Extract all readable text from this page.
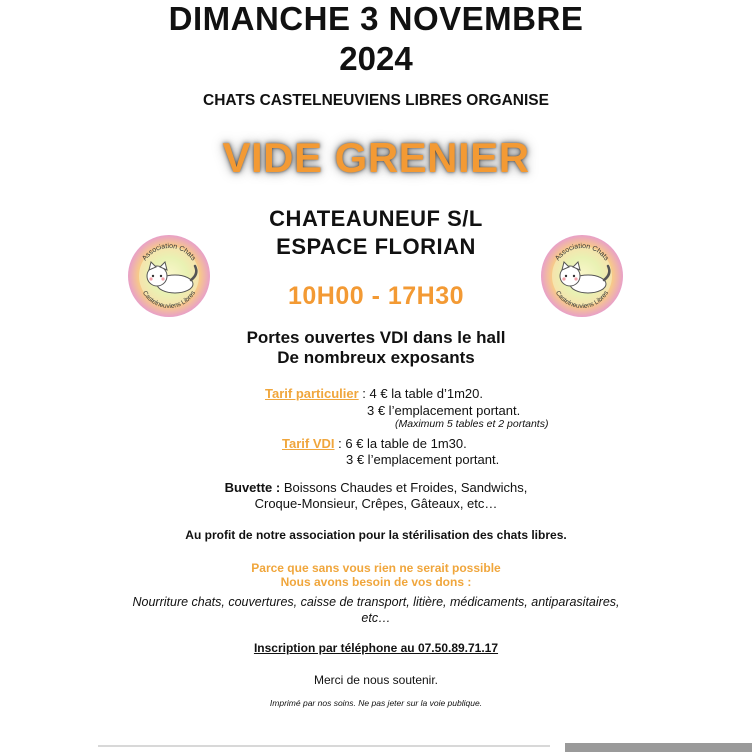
DIMANCHE 3 NOVEMBRE
2024
CHATS CASTELNEUVIENS LIBRES ORGANISE
VIDE GRENIER
CHATEAUNEUF S/L
ESPACE FLORIAN
Association Chats
Castelneuviens Libres
Association Chats
Castelneuviens Libres
10H00 - 17H30
Portes ouvertes VDI dans le hall
De nombreux exposants
Tarif particulier : 4 € la table d’1m20.
3 € l’emplacement portant.
(Maximum 5 tables et 2 portants)
Tarif VDI : 6 € la table de 1m30.
3 € l’emplacement portant.
Buvette : Boissons Chaudes et Froides, Sandwichs,
Croque-Monsieur, Crêpes, Gâteaux, etc…
Au profit de notre association pour la stérilisation des chats libres.
Parce que sans vous rien ne serait possible
Nous avons besoin de vos dons :
Nourriture chats, couvertures, caisse de transport, litière, médicaments, antiparasitaires,
etc…
Inscription par téléphone au 07.50.89.71.17
Merci de nous soutenir.
Imprimé par nos soins. Ne pas jeter sur la voie publique.
